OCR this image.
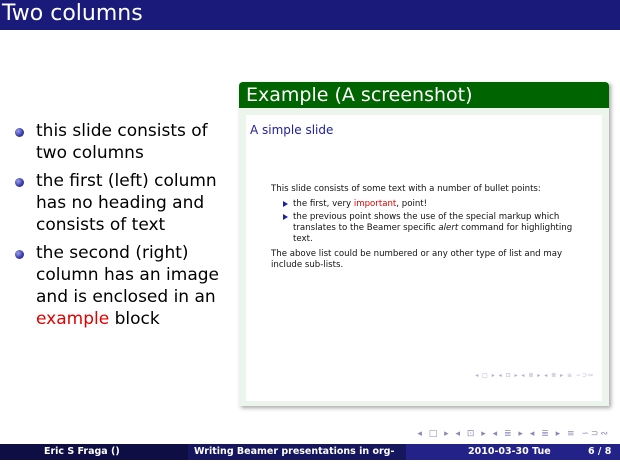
Two columns
this slide consists of two columns
the first (left) column has no heading and consists of text
the second (right) column has an image and is enclosed in an example block
Example (A screenshot)
A simple slide

This slide consists of some text with a number of bullet points:

the first, very important, point!
the previous point shows the use of the special markup which translates to the Beamer specific alert command for highlighting text.

The above list could be numbered or any other type of list and may include sub-lists.

◂ □ ▸ ◂ ⊡ ▸ ◂ ≣ ▸ ◂ ≣ ▸ ≡ ∽⊃∾
◂ □ ▸ ◂ ⊡ ▸ ◂ ≣ ▸ ◂ ≣ ▸ ≡ ∽⊃∾
Eric S Fraga ()	Writing Beamer presentations in org-mod
2010-03-30 Tue	6 / 8
